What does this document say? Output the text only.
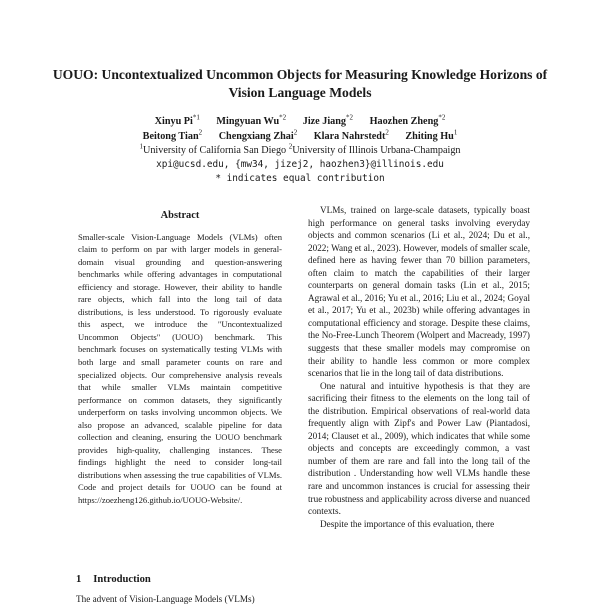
UOUO: Uncontextualized Uncommon Objects for Measuring Knowledge Horizons of Vision Language Models
Xinyu Pi$^{*1}$ Mingyuan Wu$^{*2}$ Jize Jiang$^{*2}$ Haozhen Zheng$^{*2}$
Beitong Tian$^2$ Chengxiang Zhai$^2$ Klara Nahrstedt$^2$ Zhiting Hu$^1$
$^1$University of California San Diego $^2$University of Illinois Urbana-Champaign
xpi@ucsd.edu, {mw34, jizej2, haozhen3}@illinois.edu
* indicates equal contribution
Abstract
Smaller-scale Vision-Language Models (VLMs) often claim to perform on par with larger models in general-domain visual grounding and question-answering benchmarks while offering advantages in computational efficiency and storage. However, their ability to handle rare objects, which fall into the long tail of data distributions, is less understood. To rigorously evaluate this aspect, we introduce the "Uncontextualized Uncommon Objects" (UOUO) benchmark. This benchmark focuses on systematically testing VLMs with both large and small parameter counts on rare and specialized objects. Our comprehensive analysis reveals that while smaller VLMs maintain competitive performance on common datasets, they significantly underperform on tasks involving uncommon objects. We also propose an advanced, scalable pipeline for data collection and cleaning, ensuring the UOUO benchmark provides high-quality, challenging instances. These findings highlight the need to consider long-tail distributions when assessing the true capabilities of VLMs. Code and project details for UOUO can be found at https://zoezheng126.github.io/UOUO-Website/.
1 Introduction
The advent of Vision-Language Models (VLMs)

VLMs, trained on large-scale datasets, typically boast high performance on general tasks involving everyday objects and common scenarios (Li et al., 2024; Du et al., 2022; Wang et al., 2023). However, models of smaller scale, defined here as having fewer than 70 billion parameters, often claim to match the capabilities of their larger counterparts on general domain tasks (Lin et al., 2015; Agrawal et al., 2016; Yu et al., 2016; Liu et al., 2024; Goyal et al., 2017; Yu et al., 2023b) while offering advantages in computational efficiency and storage. Despite these claims, the No-Free-Lunch Theorem (Wolpert and Macready, 1997) suggests that these smaller models may compromise on their ability to handle less common or more complex scenarios that lie in the long tail of data distributions.

One natural and intuitive hypothesis is that they are sacrificing their fitness to the elements on the long tail of the distribution. Empirical observations of real-world data frequently align with Zipf's and Power Law (Piantadosi, 2014; Clauset et al., 2009), which indicates that while some objects and concepts are exceedingly common, a vast number of them are rare and fall into the long tail of the distribution . Understanding how well VLMs handle these rare and uncommon instances is crucial for assessing their true robustness and applicability across diverse and nuanced contexts.

Despite the importance of this evaluation, there
